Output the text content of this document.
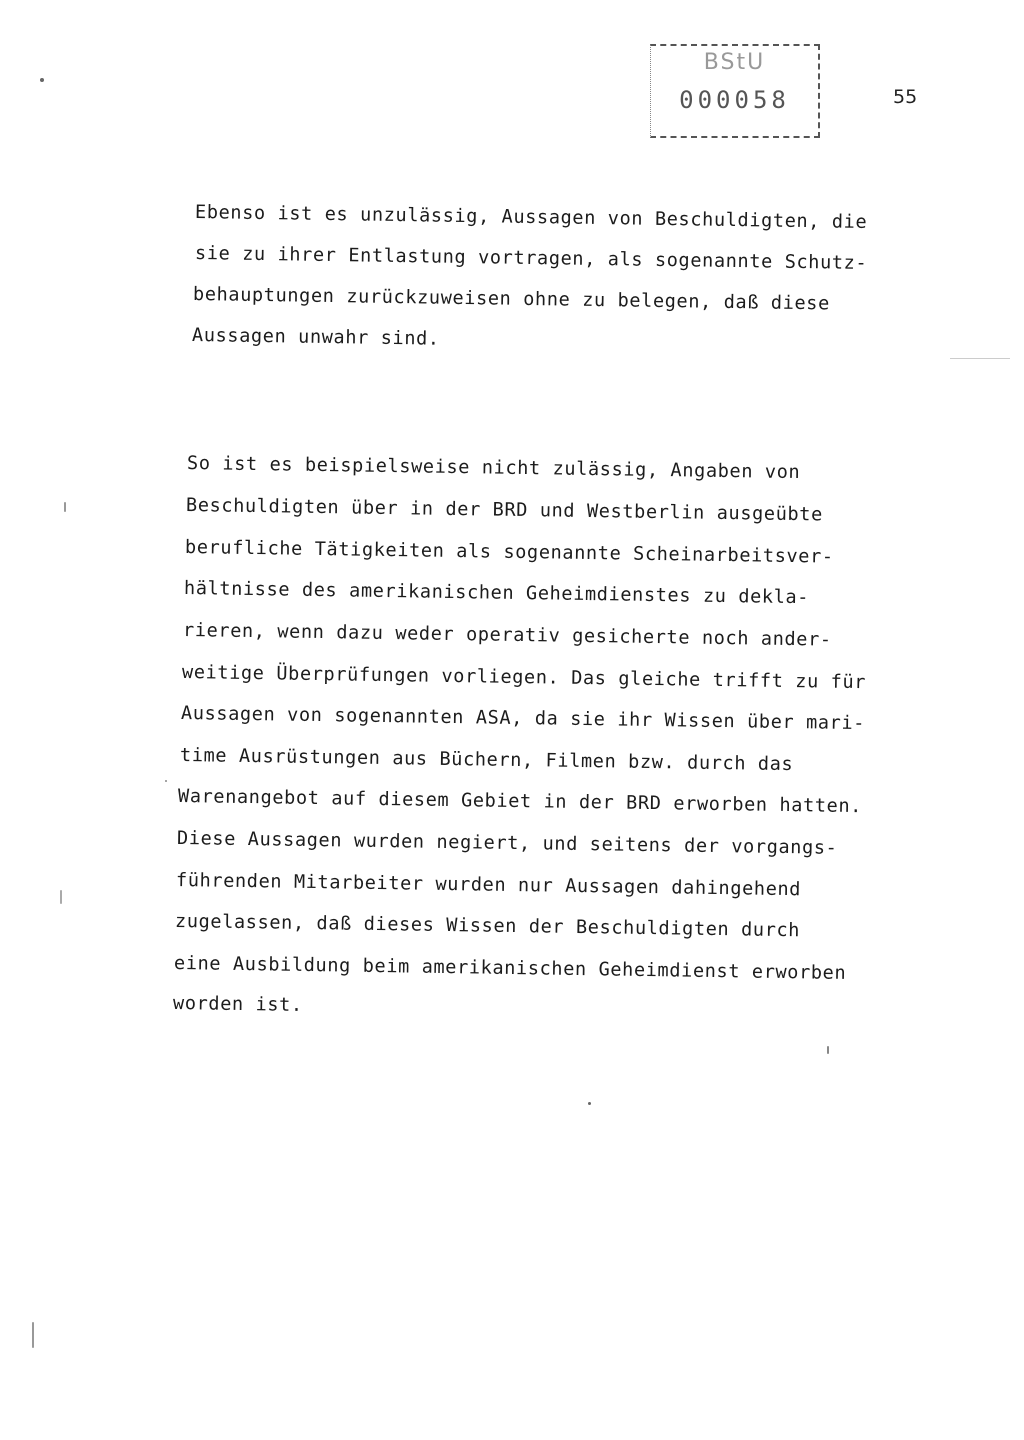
BStU
000058	55
Ebenso ist es unzulässig, Aussagen von Beschuldigten, die
sie zu ihrer Entlastung vortragen, als sogenannte Schutz-
behauptungen zurückzuweisen ohne zu belegen, daß diese
Aussagen unwahr sind.
So ist es beispielsweise nicht zulässig, Angaben von
Beschuldigten über in der BRD und Westberlin ausgeübte
berufliche Tätigkeiten als sogenannte Scheinarbeitsver-
hältnisse des amerikanischen Geheimdienstes zu dekla-
rieren, wenn dazu weder operativ gesicherte noch ander-
weitige Überprüfungen vorliegen. Das gleiche trifft zu für
Aussagen von sogenannten ASA, da sie ihr Wissen über mari-
time Ausrüstungen aus Büchern, Filmen bzw. durch das
Warenangebot auf diesem Gebiet in der BRD erworben hatten.
Diese Aussagen wurden negiert, und seitens der vorgangs-
führenden Mitarbeiter wurden nur Aussagen dahingehend
zugelassen, daß dieses Wissen der Beschuldigten durch
eine Ausbildung beim amerikanischen Geheimdienst erworben
worden ist.
